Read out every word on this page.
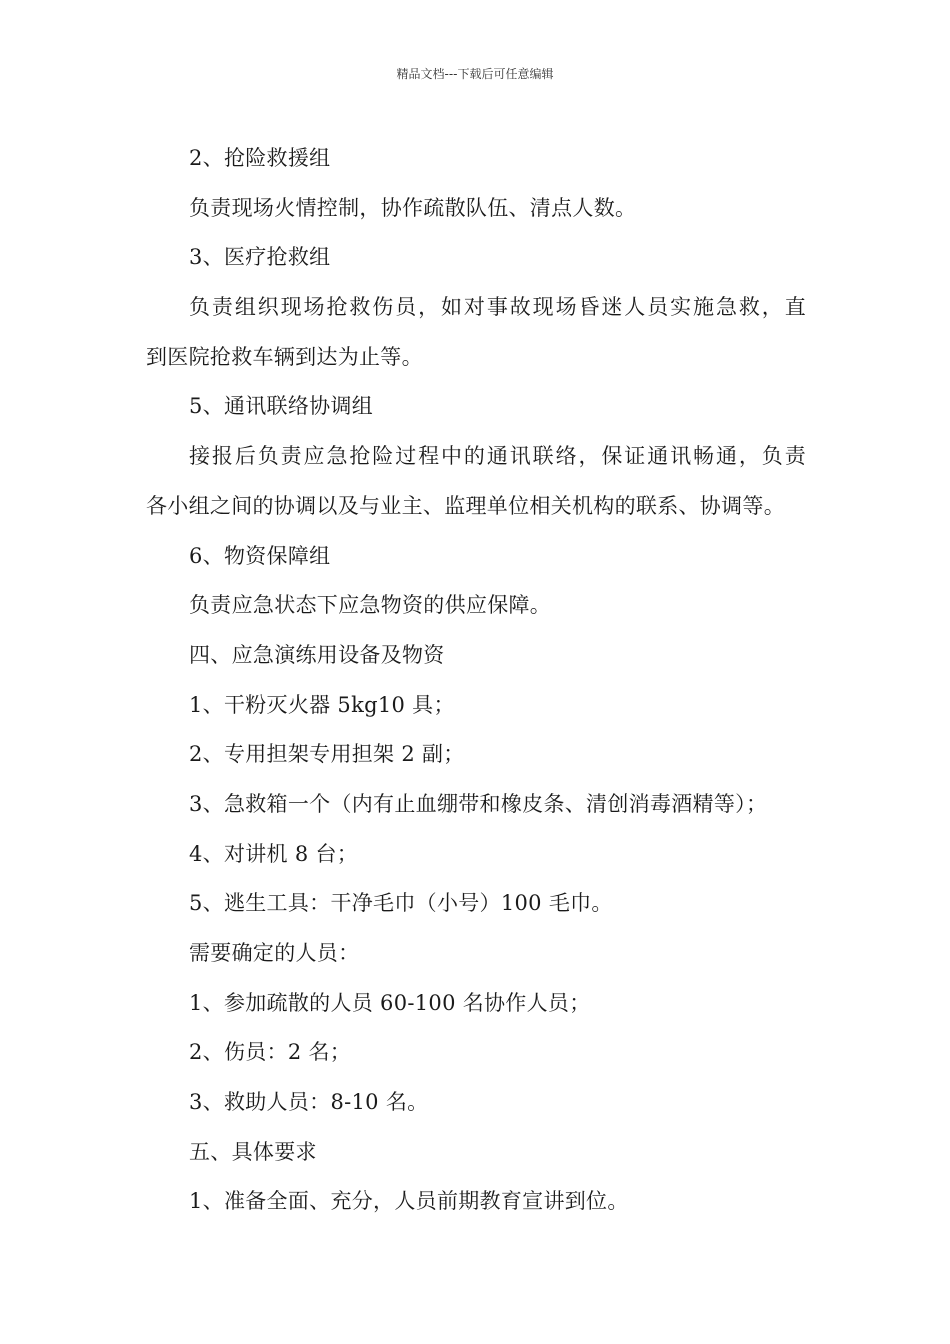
精品文档---下载后可任意编辑
2、抢险救援组
负责现场火情控制，协作疏散队伍、清点人数。
3、医疗抢救组
负责组织现场抢救伤员，如对事故现场昏迷人员实施急救，直
到医院抢救车辆到达为止等。
5、通讯联络协调组
接报后负责应急抢险过程中的通讯联络，保证通讯畅通，负责
各小组之间的协调以及与业主、监理单位相关机构的联系、协调等。
6、物资保障组
负责应急状态下应急物资的供应保障。
四、应急演练用设备及物资
1、干粉灭火器 5kg10 具；
2、专用担架专用担架 2 副；
3、急救箱一个（内有止血绷带和橡皮条、清创消毒酒精等）；
4、对讲机 8 台；
5、逃生工具：干净毛巾（小号）100 毛巾。
需要确定的人员：
1、参加疏散的人员 60-100 名协作人员；
2、伤员：2 名；
3、救助人员：8-10 名。
五、具体要求
1、准备全面、充分，人员前期教育宣讲到位。
